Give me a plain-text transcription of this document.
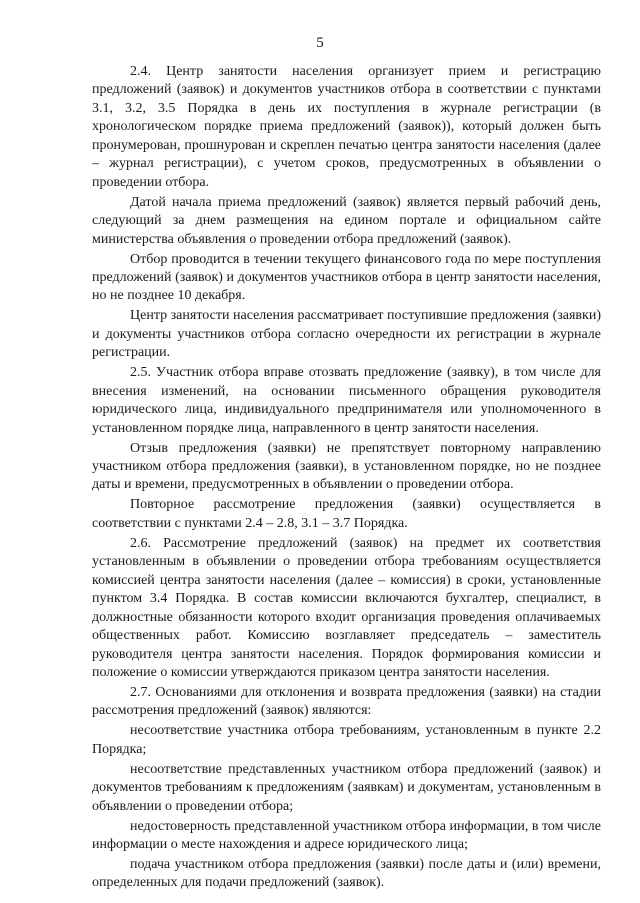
5

2.4. Центр занятости населения организует прием и регистрацию предложений (заявок) и документов участников отбора в соответствии с пунктами 3.1, 3.2, 3.5 Порядка в день их поступления в журнале регистрации (в хронологическом порядке приема предложений (заявок)), который должен быть пронумерован, прошнурован и скреплен печатью центра занятости населения (далее – журнал регистрации), с учетом сроков, предусмотренных в объявлении о проведении отбора.

Датой начала приема предложений (заявок) является первый рабочий день, следующий за днем размещения на едином портале и официальном сайте министерства объявления о проведении отбора предложений (заявок).

Отбор проводится в течении текущего финансового года по мере поступления предложений (заявок) и документов участников отбора в центр занятости населения, но не позднее 10 декабря.

Центр занятости населения рассматривает поступившие предложения (заявки) и документы участников отбора согласно очередности их регистрации в журнале регистрации.

2.5. Участник отбора вправе отозвать предложение (заявку), в том числе для внесения изменений, на основании письменного обращения руководителя юридического лица, индивидуального предпринимателя или уполномоченного в установленном порядке лица, направленного в центр занятости населения.

Отзыв предложения (заявки) не препятствует повторному направлению участником отбора предложения (заявки), в установленном порядке, но не позднее даты и времени, предусмотренных в объявлении о проведении отбора.

Повторное рассмотрение предложения (заявки) осуществляется в соответствии с пунктами 2.4 – 2.8, 3.1 – 3.7 Порядка.

2.6. Рассмотрение предложений (заявок) на предмет их соответствия установленным в объявлении о проведении отбора требованиям осуществляется комиссией центра занятости населения (далее – комиссия) в сроки, установленные пунктом 3.4 Порядка. В состав комиссии включаются бухгалтер, специалист, в должностные обязанности которого входит организация проведения оплачиваемых общественных работ. Комиссию возглавляет председатель – заместитель руководителя центра занятости населения. Порядок формирования комиссии и положение о комиссии утверждаются приказом центра занятости населения.

2.7. Основаниями для отклонения и возврата предложения (заявки) на стадии рассмотрения предложений (заявок) являются:

несоответствие участника отбора требованиям, установленным в пункте 2.2 Порядка;

несоответствие представленных участником отбора предложений (заявок) и документов требованиям к предложениям (заявкам) и документам, установленным в объявлении о проведении отбора;

недостоверность представленной участником отбора информации, в том числе информации о месте нахождения и адресе юридического лица;

подача участником отбора предложения (заявки) после даты и (или) времени, определенных для подачи предложений (заявок).
